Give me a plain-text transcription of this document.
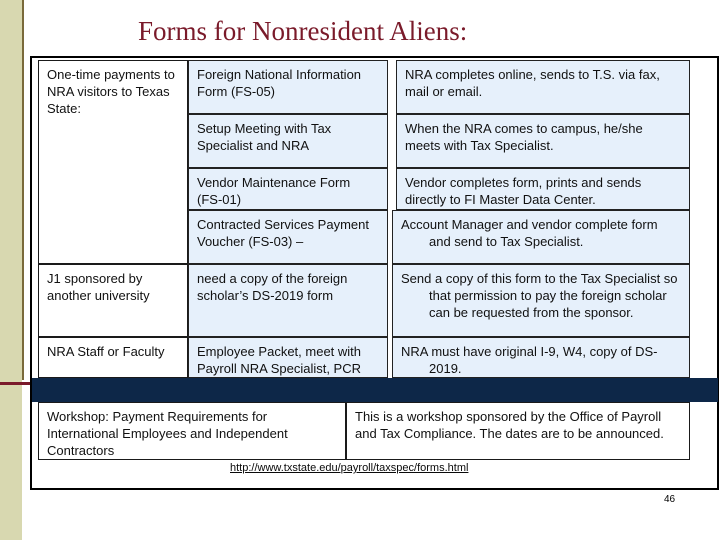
Forms for Nonresident Aliens:
One-time payments to NRA visitors to Texas State:
J1 sponsored by another university
NRA Staff or Faculty
Foreign National Information Form (FS-05)
Setup Meeting with Tax Specialist and NRA
Vendor Maintenance Form (FS-01)
Contracted Services Payment Voucher (FS-03) –
need a copy of the foreign scholar’s DS-2019 form
Employee Packet, meet with Payroll NRA Specialist, PCR
NRA completes online, sends to T.S. via fax, mail or email.
When the NRA comes to campus, he/she meets with Tax Specialist.
Vendor completes form, prints and sends directly to FI Master Data Center.
Account Manager and vendor complete form and send to Tax Specialist.
Send a copy of this form to the Tax Specialist so that permission to pay the foreign scholar can be requested from the sponsor.
NRA must have original I-9, W4, copy of DS-2019.
Workshop: Payment Requirements for International Employees and Independent Contractors
This is a workshop sponsored by the Office of Payroll and Tax Compliance. The dates are to be announced.
http://www.txstate.edu/payroll/taxspec/forms.html
46
